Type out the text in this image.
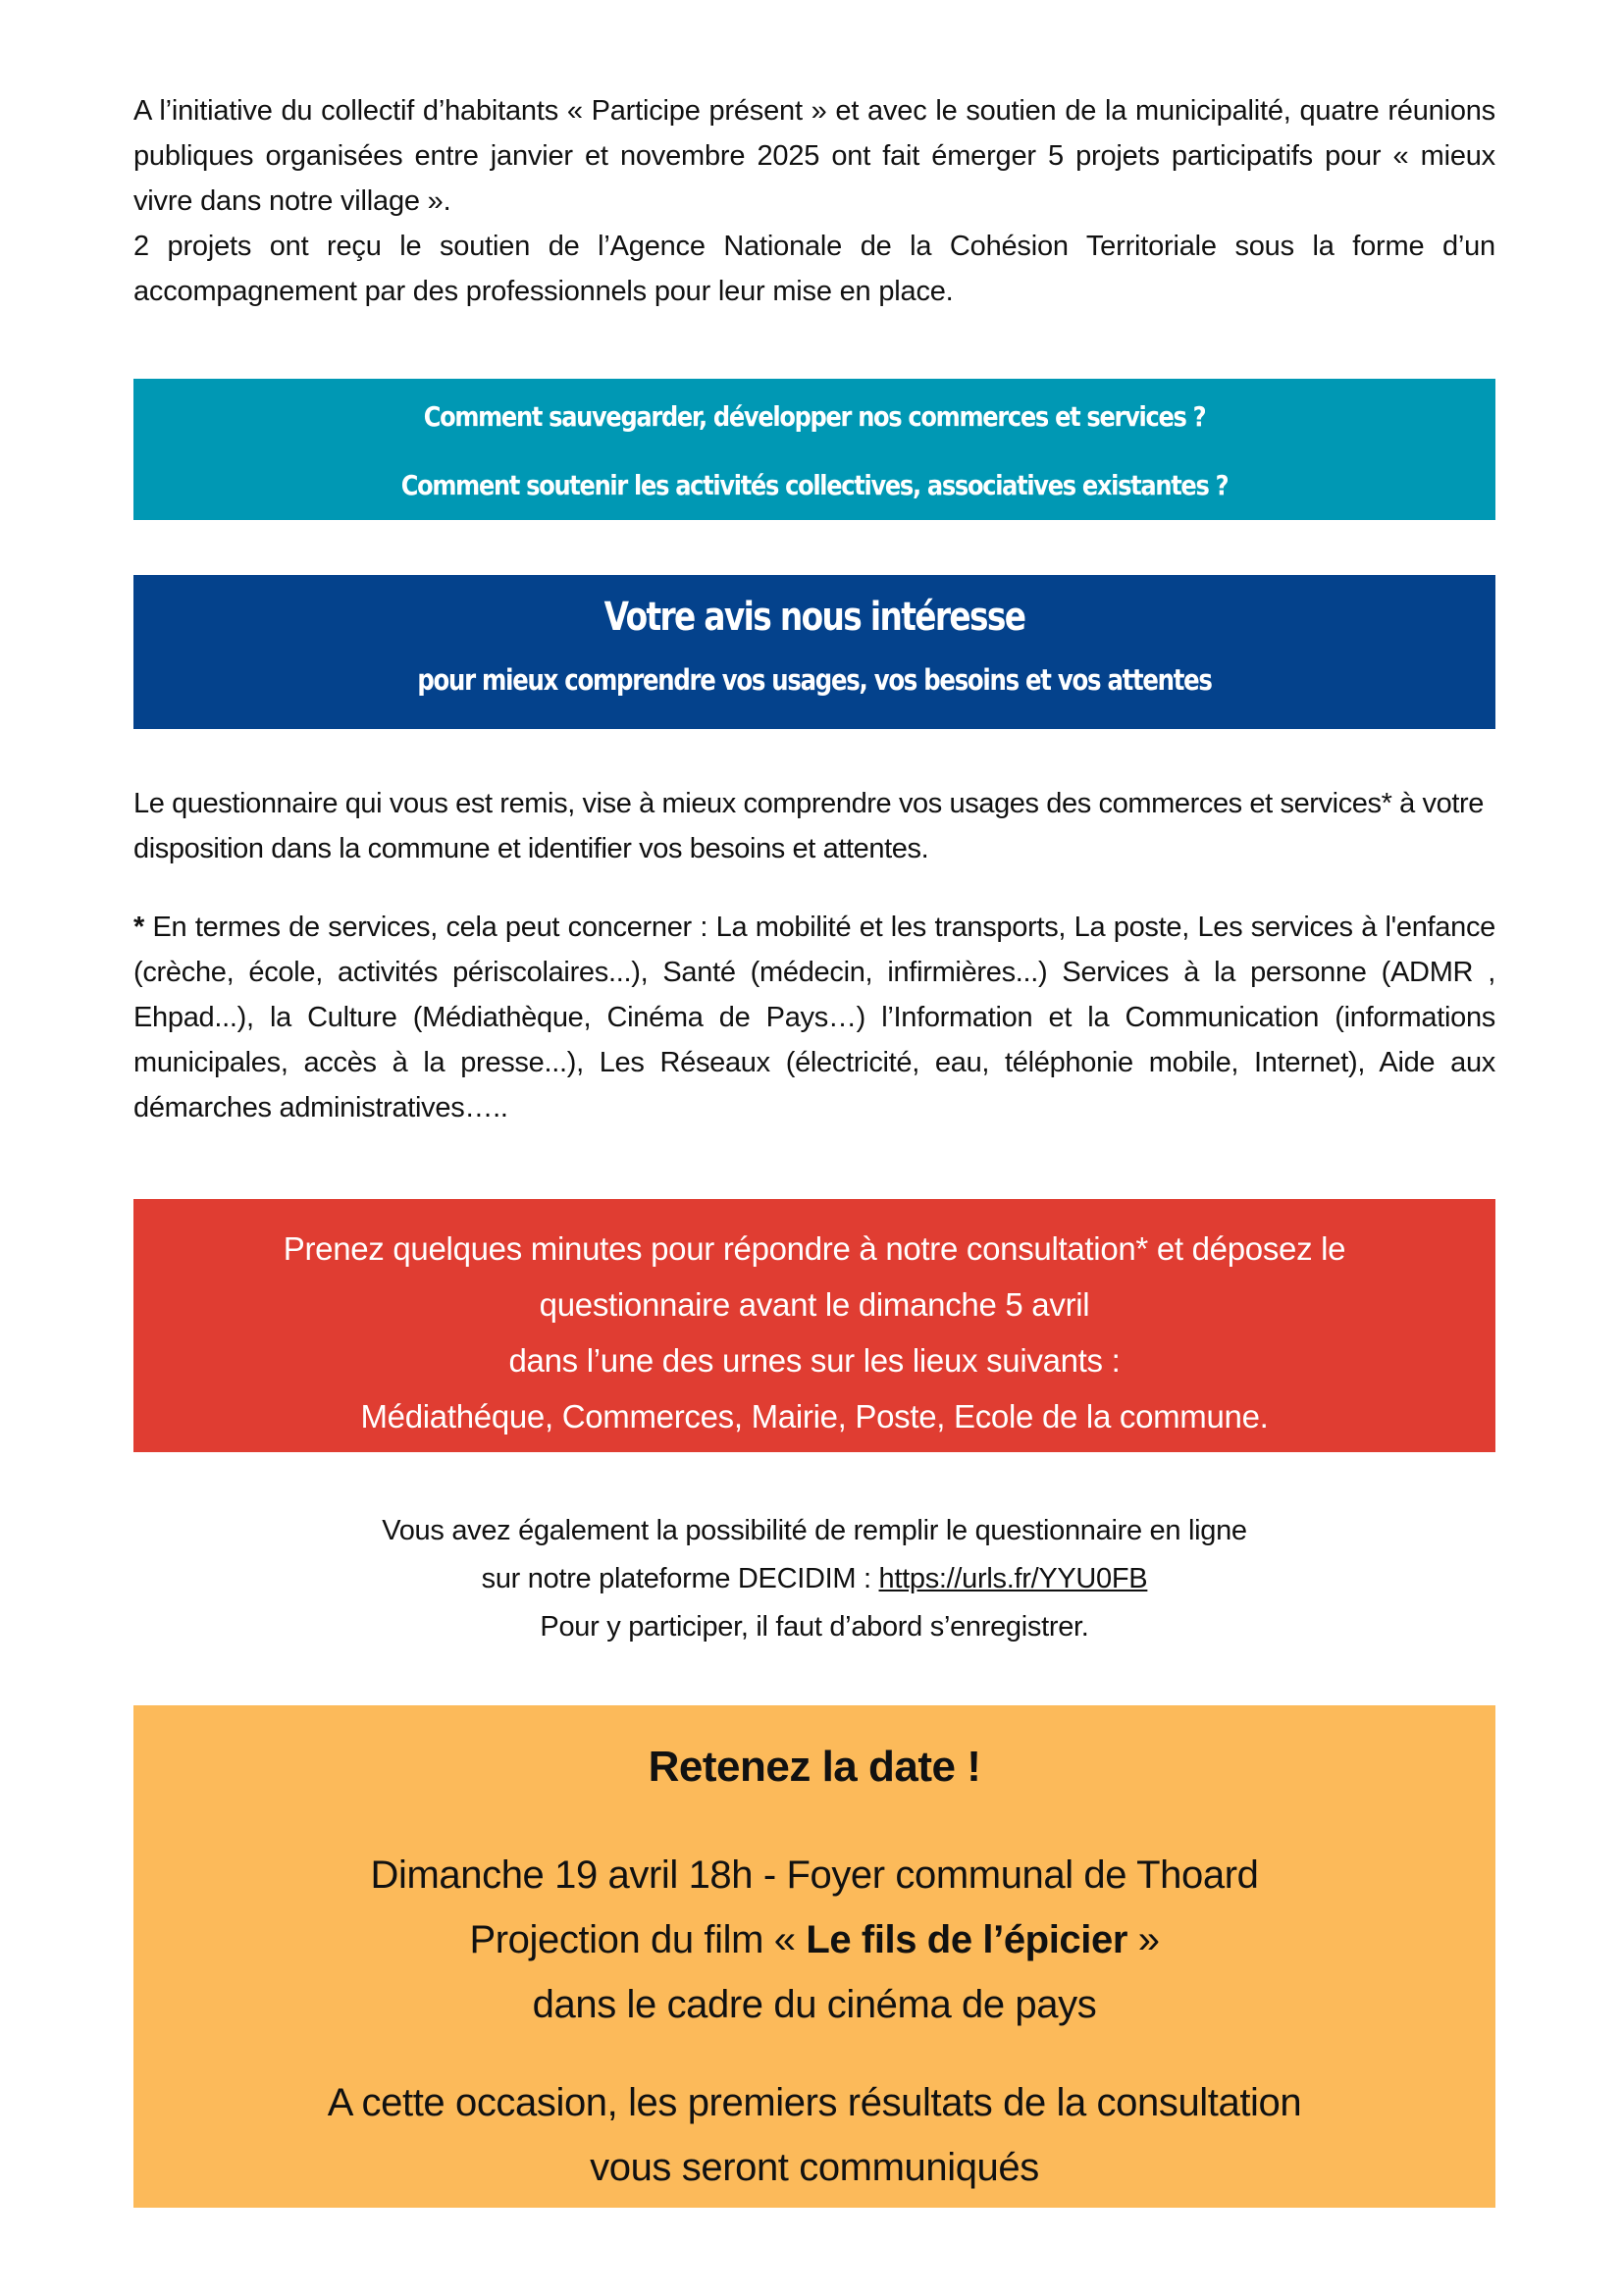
A l’initiative du collectif d’habitants « Participe présent » et avec le soutien de la municipalité, quatre réunions publiques organisées entre janvier et novembre 2025 ont fait émerger 5 projets participatifs pour « mieux vivre dans notre village ».

2 projets ont reçu le soutien de l’Agence Nationale de la Cohésion Territoriale sous la forme d’un accompagnement par des professionnels pour leur mise en place.

Comment sauvegarder, développer nos commerces et services ?
Comment soutenir les activités collectives, associatives existantes ?
Votre avis nous intéresse
pour mieux comprendre vos usages, vos besoins et vos attentes

Le questionnaire qui vous est remis, vise à mieux comprendre vos usages des commerces et services* à votre disposition dans la commune et identifier vos besoins et attentes.

* En termes de services, cela peut concerner : La mobilité et les transports, La poste, Les services à l'enfance (crèche, école, activités périscolaires...), Santé (médecin, infirmières...) Services à la personne (ADMR , Ehpad...), la Culture (Médiathèque, Cinéma de Pays…) l’Information et la Communication (informations municipales, accès à la presse...), Les Réseaux (électricité, eau, téléphonie mobile, Internet), Aide aux démarches administratives…..

Prenez quelques minutes pour répondre à notre consultation* et déposez le
questionnaire avant le dimanche 5 avril
dans l’une des urnes sur les lieux suivants :
Médiathéque, Commerces, Mairie, Poste, Ecole de la commune.
Vous avez également la possibilité de remplir le questionnaire en ligne
sur notre plateforme DECIDIM : https://urls.fr/YYU0FB
Pour y participer, il faut d’abord s’enregistrer.
Retenez la date !
Dimanche 19 avril 18h - Foyer communal de Thoard
Projection du film « Le fils de l’épicier »
dans le cadre du cinéma de pays
A cette occasion, les premiers résultats de la consultation
vous seront communiqués
